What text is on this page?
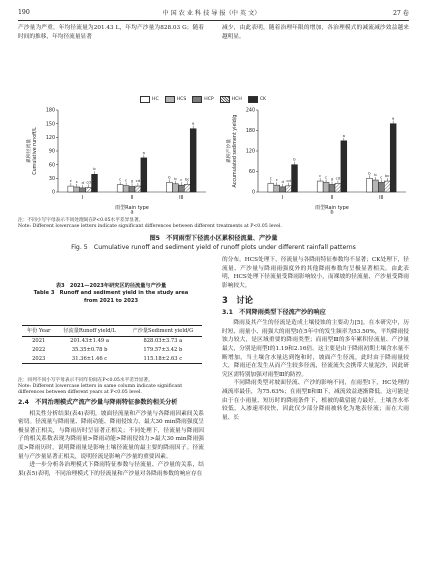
190	中 国 农 业 科 技 导 报（中 英 文）	27 卷

产沙量为严重，年均径流量为201.43 L，年均产沙量为828.03 G；随着时间的推移，年均径流量显著

减少，由此表明，随着治理年限的增加，各治理模式的减流减沙效益越来越明显。

HC	HCS	HCP	HCH	CK
0
30
60
90
120
150
180
累积径流量 Cumulative runoff/L
c c d cd
b
I
c c d cd
a
II
b b c bc
a
III
雨型Rain type
a
0
60
120
180
240
累积产沙量 Accumulated sediment yield/g	c c d cd
b
I
c c d cd
a
II
b b c bc
a
III
雨型Rain type
b
注：不同小写字母表示不同处理间在P<0.05水平差异显著。
Note: Different lowercase letters indicate significant differences between different treatments at P<0.05 level.
图5　不同雨型下径流小区累积径流量、产沙量
Fig. 5　Cumulative runoff and sediment yield of runoff plots under different rainfall patterns

的分布。HCS处理下，径流量与各降雨特征参数均不显著；CK处理下，径流量、产沙量与降雨雨强度外的其他降雨参数均呈极显著相关。由此表明，HCS处理下径流量受降雨影响较小，而裸坡的径流量、产沙量受降雨影响较大。

表3　2021—2023年研究区的径流量与产沙量
Table 3　Runoff and sediment yield in the study area
from 2021 to 2023
年份 Year	径流量Runoff yield/L	产沙量Sediment yield/G
2021	201.43±1.49 a	828.03±3.73 a
2022	35.35±0.78 b	179.57±3.42 b
2023	31.36±1.46 c	115.18±2.63 c
注：同列不同小写字母表示不同年份间在P<0.05水平差异显著。
Note: Different lowercase letters in same column indicate significant differences between different years at P<0.05 level.
2.4　不同治理模式产流产沙量与降雨特征参数的相关分析

相关性分析结果(表4)表明，坡面径流量和产沙量与各降雨因素间关系密切。径流量与降雨量、降雨动能、降雨侵蚀力、最大30 min降雨强度呈极显著正相关，与降雨历时呈显著正相关；不同处理下，径流量与降雨因子的相关系数表现为降雨量>降雨动能>降雨侵蚀力>最大30 min降雨强度>降雨历时，说明降雨量是影响土壤径流量的最主要的降雨因子。径流量与产沙量显著正相关，说明径流是影响产沙量的重要因素。

进一步分析各治理模式下降雨特征参数与径流量、产沙量的关系，结果(表5)表明，不同治理模式下的径流量和产沙量对各降雨参数的响应存在

3　讨论
3.1　不同降雨类型下径流产沙的响应

降雨及其产生的径流是造成土壤侵蚀的主要动力[5]。在本研究中，历时短、雨量小、雨强大的雨型Ⅰ在5年中的发生频率为53.50%，平均降雨侵蚀力较大，是区域重要的降雨类型；而雨型Ⅲ的多年累积径流量、产沙量最大，分别是雨型Ⅰ的1.19和2.16倍。这主要是由于降雨初期土壤含水量不断增加，当土壤含水量达到饱和时，坡面产生径流，此时由于降雨量较大，降雨还在发生从而产生较多径流，径流流失会携带大量泥沙，因此研究区需特别加强对雨型Ⅲ的防控。

不同降雨类型对坡面径流、产沙的影响不同，在雨型Ⅰ下，HC处理的减流率最佳，为75.63%；在雨型Ⅱ和Ⅲ下，减流效益逐渐降低。这可能是由于在小雨量、短历时的降雨条件下，植被的截留能力最好，土壤含水率较低，入渗速率较快，因此仅少部分降雨被转化为地表径流；而在大雨量、长
